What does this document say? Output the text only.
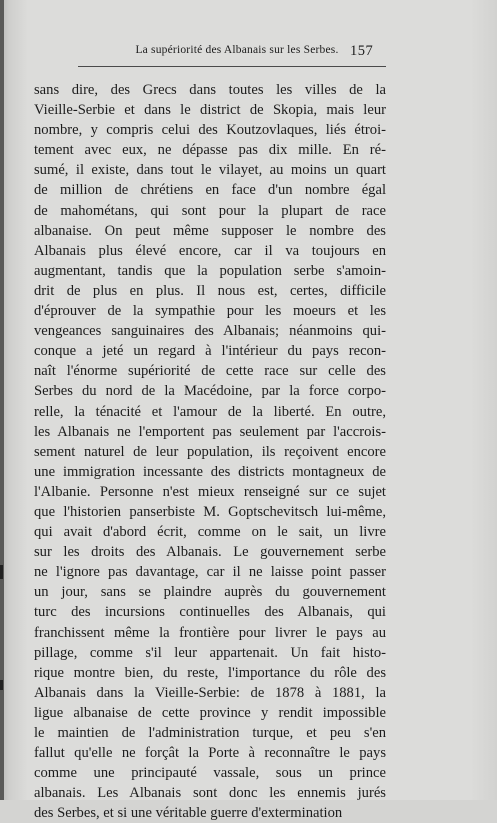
La supériorité des Albanais sur les Serbes. 157
sans dire, des Grecs dans toutes les villes de la
Vieille-Serbie et dans le district de Skopia, mais leur
nombre, y compris celui des Koutzovlaques, liés étroi-
tement avec eux, ne dépasse pas dix mille. En ré-
sumé, il existe, dans tout le vilayet, au moins un quart
de million de chrétiens en face d'un nombre égal
de mahométans, qui sont pour la plupart de race
albanaise. On peut même supposer le nombre des
Albanais plus élevé encore, car il va toujours en
augmentant, tandis que la population serbe s'amoin-
drit de plus en plus. Il nous est, certes, difficile
d'éprouver de la sympathie pour les moeurs et les
vengeances sanguinaires des Albanais; néanmoins qui-
conque a jeté un regard à l'intérieur du pays recon-
naît l'énorme supériorité de cette race sur celle des
Serbes du nord de la Macédoine, par la force corpo-
relle, la ténacité et l'amour de la liberté. En outre,
les Albanais ne l'emportent pas seulement par l'accrois-
sement naturel de leur population, ils reçoivent encore
une immigration incessante des districts montagneux de
l'Albanie. Personne n'est mieux renseigné sur ce sujet
que l'historien panserbiste M. Goptschevitsch lui-même,
qui avait d'abord écrit, comme on le sait, un livre
sur les droits des Albanais. Le gouvernement serbe
ne l'ignore pas davantage, car il ne laisse point passer
un jour, sans se plaindre auprès du gouvernement
turc des incursions continuelles des Albanais, qui
franchissent même la frontière pour livrer le pays au
pillage, comme s'il leur appartenait. Un fait histo-
rique montre bien, du reste, l'importance du rôle des
Albanais dans la Vieille-Serbie: de 1878 à 1881, la
ligue albanaise de cette province y rendit impossible
le maintien de l'administration turque, et peu s'en
fallut qu'elle ne forçât la Porte à reconnaître le pays
comme une principauté vassale, sous un prince
albanais. Les Albanais sont donc les ennemis jurés
des Serbes, et si une véritable guerre d'extermination
